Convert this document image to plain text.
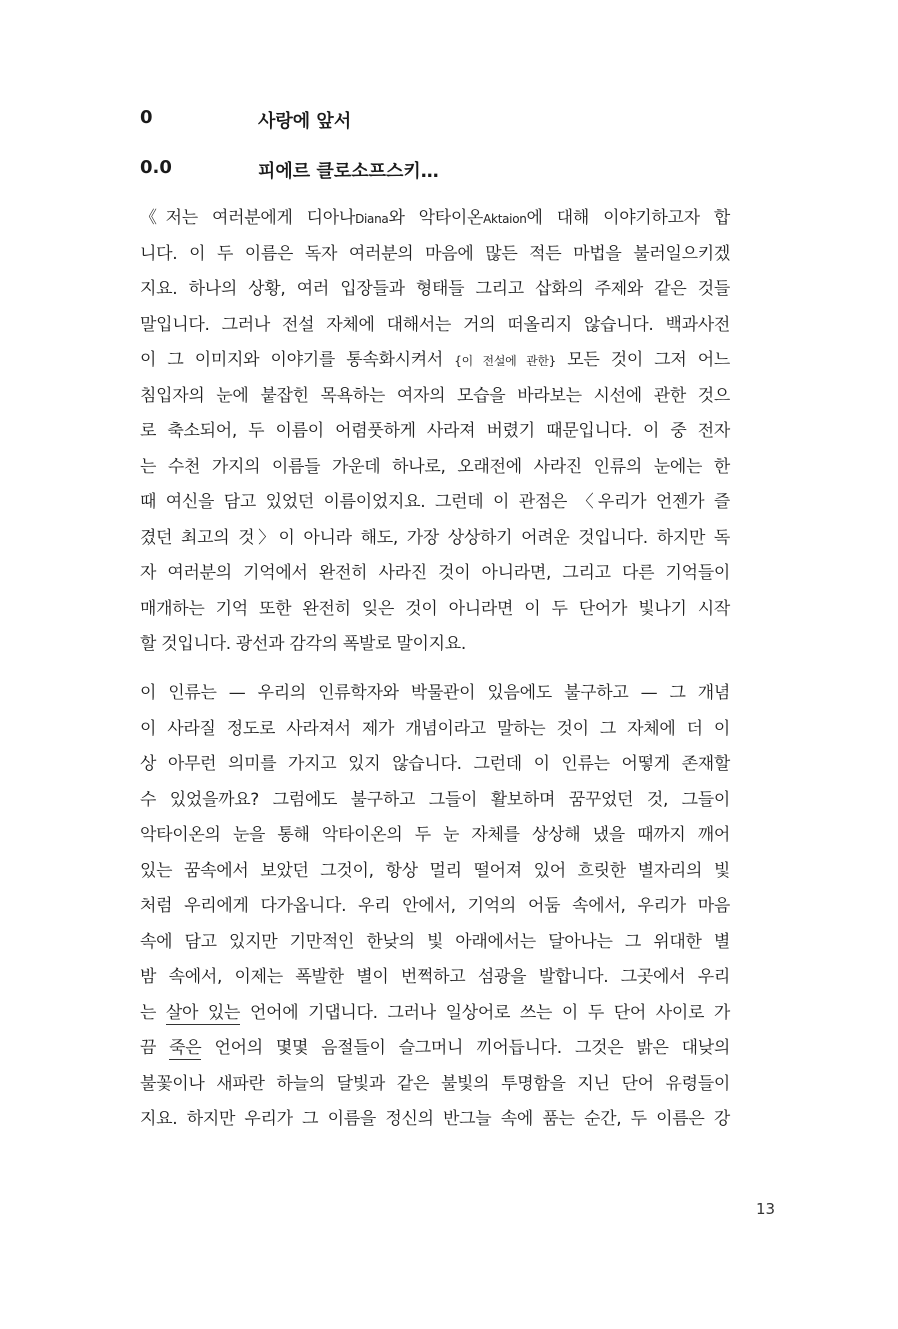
0	사랑에 앞서
0.0	피에르 클로소프스키…
《저는 여러분에게 디아나Diana와 악타이온Aktaion에 대해 이야기하고자 합
니다. 이 두 이름은 독자 여러분의 마음에 많든 적든 마법을 불러일으키겠
지요. 하나의 상황, 여러 입장들과 형태들 그리고 삽화의 주제와 같은 것들
말입니다. 그러나 전설 자체에 대해서는 거의 떠올리지 않습니다. 백과사전
이 그 이미지와 이야기를 통속화시켜서 {이 전설에 관한} 모든 것이 그저 어느
침입자의 눈에 붙잡힌 목욕하는 여자의 모습을 바라보는 시선에 관한 것으
로 축소되어, 두 이름이 어렴풋하게 사라져 버렸기 때문입니다. 이 중 전자
는 수천 가지의 이름들 가운데 하나로, 오래전에 사라진 인류의 눈에는 한
때 여신을 담고 있었던 이름이었지요. 그런데 이 관점은 〈우리가 언젠가 즐
겼던 최고의 것〉이 아니라 해도, 가장 상상하기 어려운 것입니다. 하지만 독
자 여러분의 기억에서 완전히 사라진 것이 아니라면, 그리고 다른 기억들이
매개하는 기억 또한 완전히 잊은 것이 아니라면 이 두 단어가 빛나기 시작
할 것입니다. 광선과 감각의 폭발로 말이지요.
이 인류는 — 우리의 인류학자와 박물관이 있음에도 불구하고 — 그 개념
이 사라질 정도로 사라져서 제가 개념이라고 말하는 것이 그 자체에 더 이
상 아무런 의미를 가지고 있지 않습니다. 그런데 이 인류는 어떻게 존재할
수 있었을까요? 그럼에도 불구하고 그들이 활보하며 꿈꾸었던 것, 그들이
악타이온의 눈을 통해 악타이온의 두 눈 자체를 상상해 냈을 때까지 깨어
있는 꿈속에서 보았던 그것이, 항상 멀리 떨어져 있어 흐릿한 별자리의 빛
처럼 우리에게 다가옵니다. 우리 안에서, 기억의 어둠 속에서, 우리가 마음
속에 담고 있지만 기만적인 한낮의 빛 아래에서는 달아나는 그 위대한 별
밤 속에서, 이제는 폭발한 별이 번쩍하고 섬광을 발합니다. 그곳에서 우리
는 살아 있는 언어에 기댑니다. 그러나 일상어로 쓰는 이 두 단어 사이로 가
끔 죽은 언어의 몇몇 음절들이 슬그머니 끼어듭니다. 그것은 밝은 대낮의
불꽃이나 새파란 하늘의 달빛과 같은 불빛의 투명함을 지닌 단어 유령들이
지요. 하지만 우리가 그 이름을 정신의 반그늘 속에 품는 순간, 두 이름은 강
13
